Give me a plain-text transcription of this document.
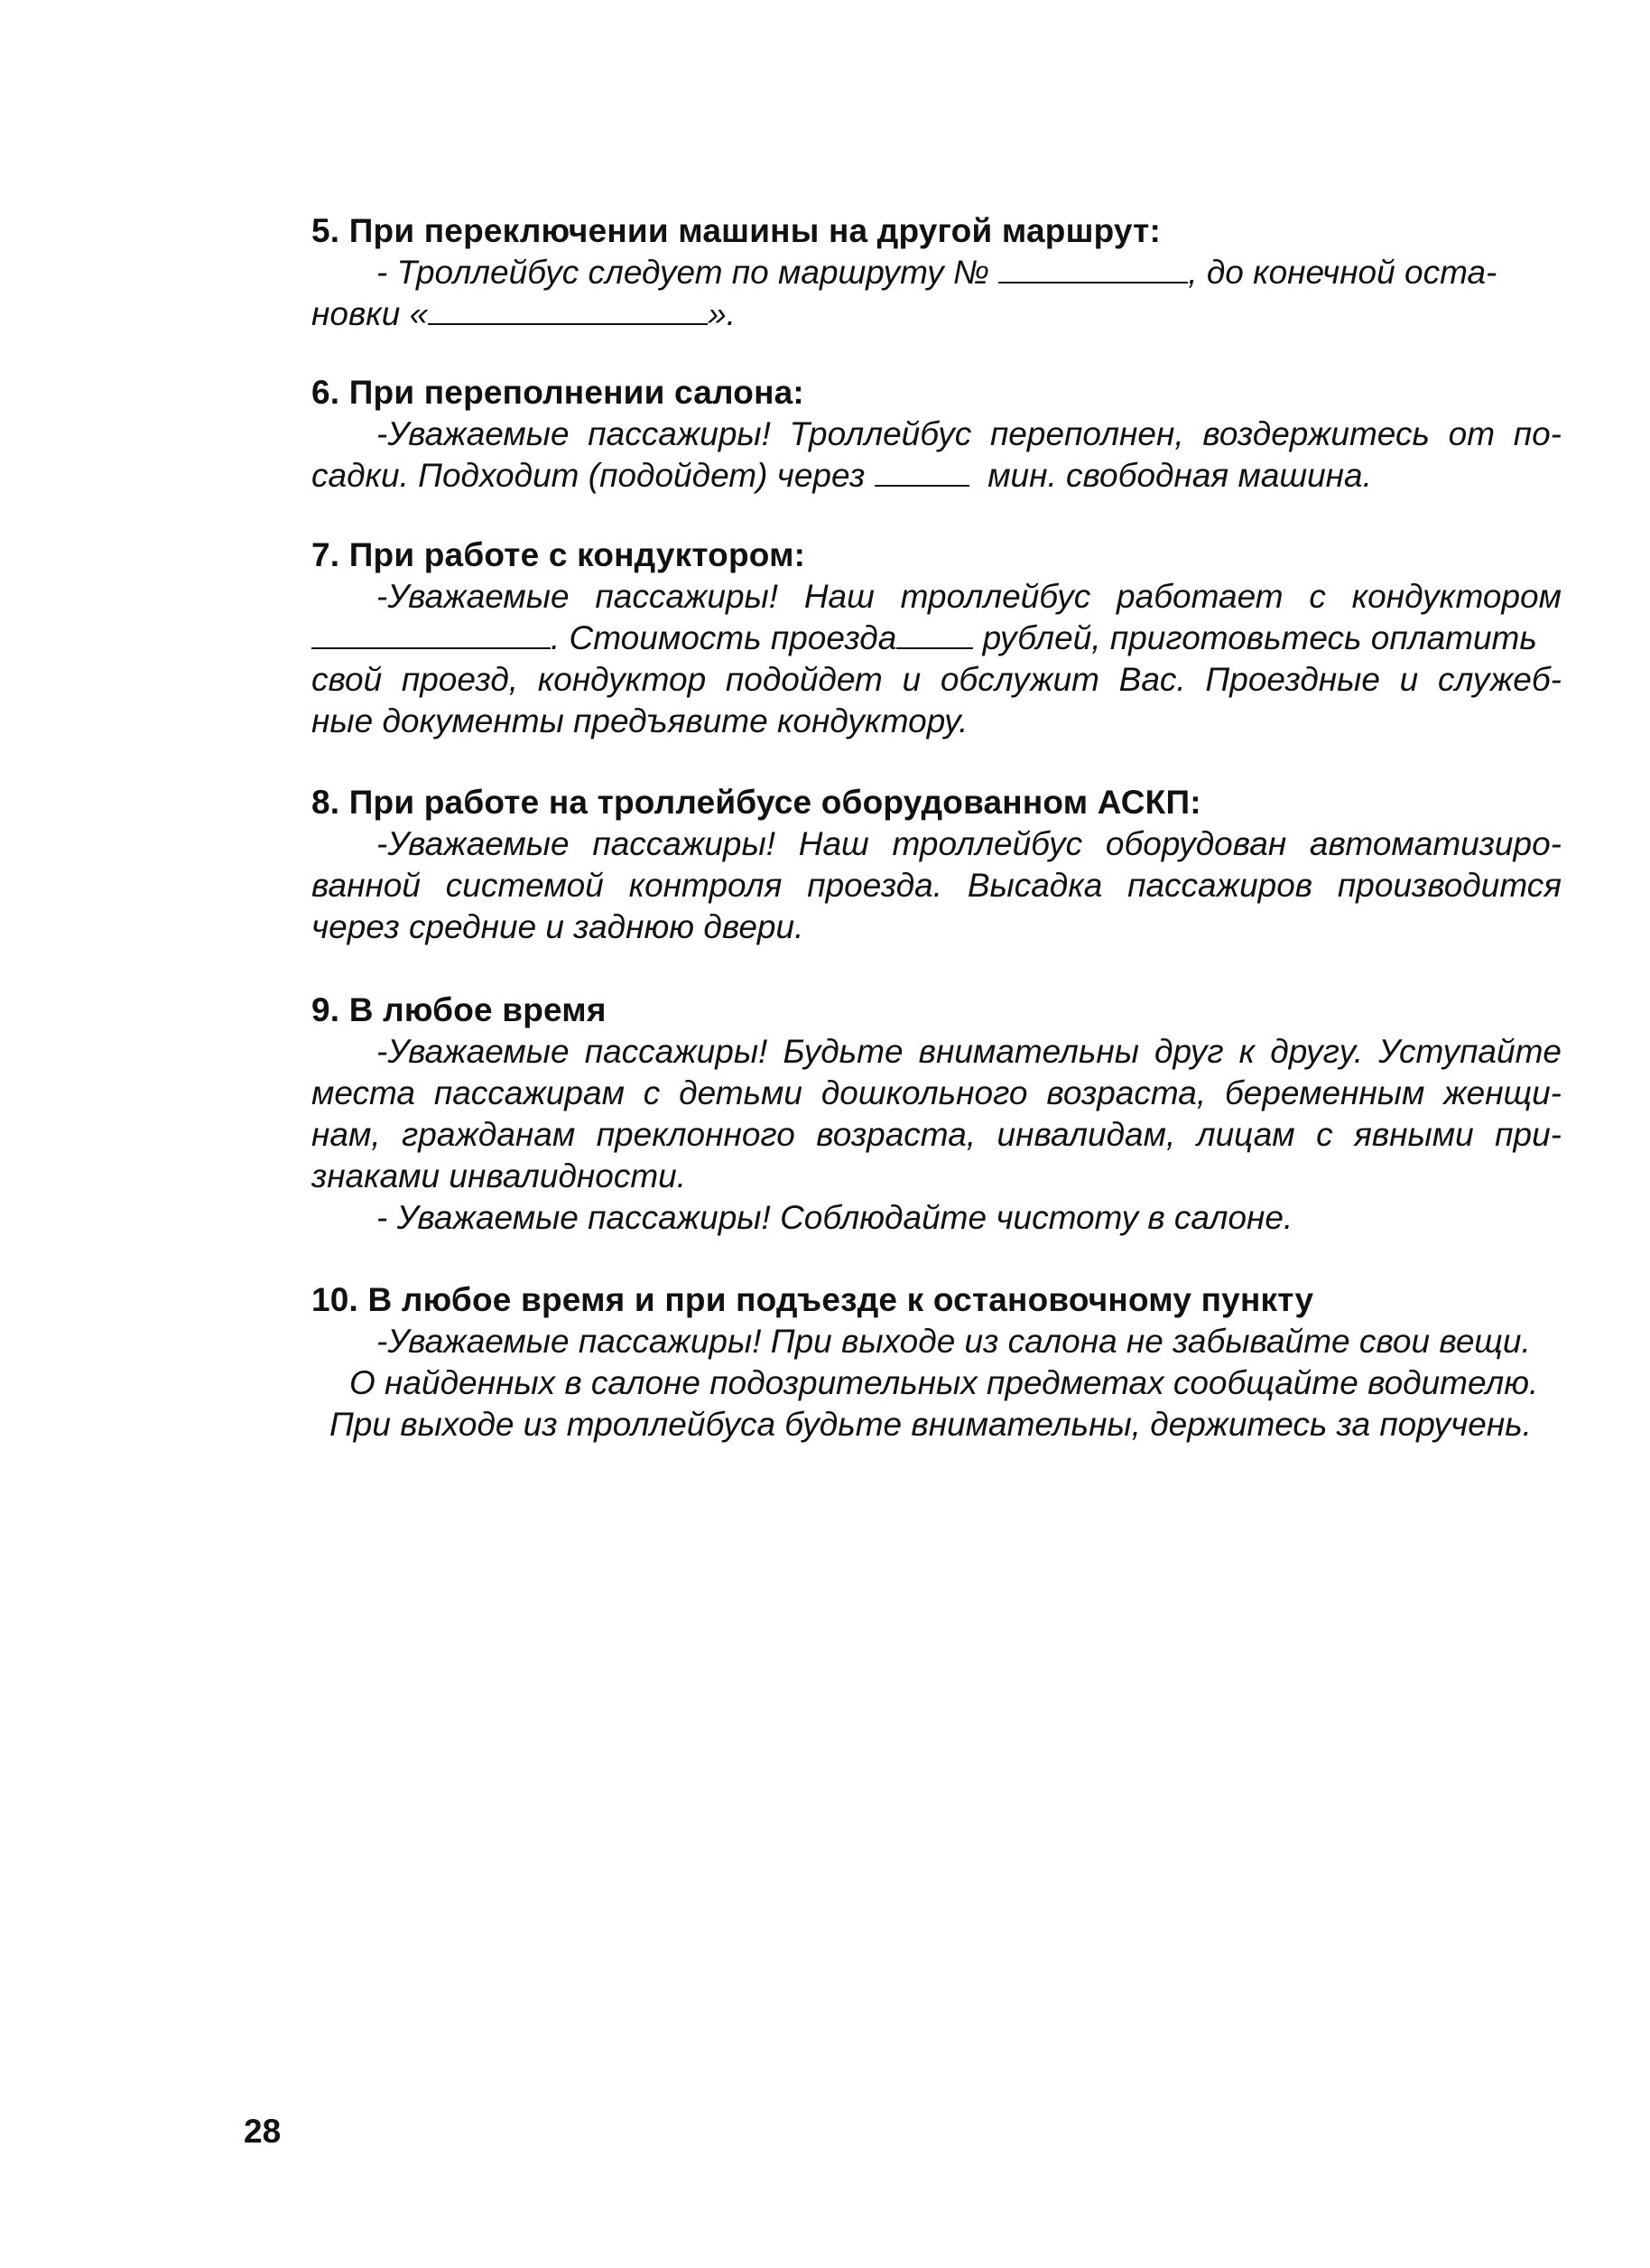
5. При переключении машины на другой маршрут:

- Троллейбус следует по маршруту №	, до конечной оста-

новки «	».

6. При переполнении салона:

-Уважаемые пассажиры! Троллейбус переполнен, воздержитесь от по-

садки. Подходит (подойдет) через	мин. свободная машина.

7. При работе с кондуктором:

-Уважаемые пассажиры! Наш троллейбус работает с кондуктором

. Стоимость проезда	рублей, приготовьтесь оплатить

свой проезд, кондуктор подойдет и обслужит Вас. Проездные и служеб-

ные документы предъявите кондуктору.

8. При работе на троллейбусе оборудованном АСКП:

-Уважаемые пассажиры! Наш троллейбус оборудован автоматизиро-

ванной системой контроля проезда. Высадка пассажиров производится

через средние и заднюю двери.

9. В любое время

-Уважаемые пассажиры! Будьте внимательны друг к другу. Уступайте

места пассажирам с детьми дошкольного возраста, беременным женщи-

нам, гражданам преклонного возраста, инвалидам, лицам с явными при-

знаками инвалидности.

- Уважаемые пассажиры! Соблюдайте чистоту в салоне.

10. В любое время и при подъезде к остановочному пункту

-Уважаемые пассажиры! При выходе из салона не забывайте свои вещи.

О найденных в салоне подозрительных предметах сообщайте водителю.

При выходе из троллейбуса будьте внимательны, держитесь за поручень.

28
